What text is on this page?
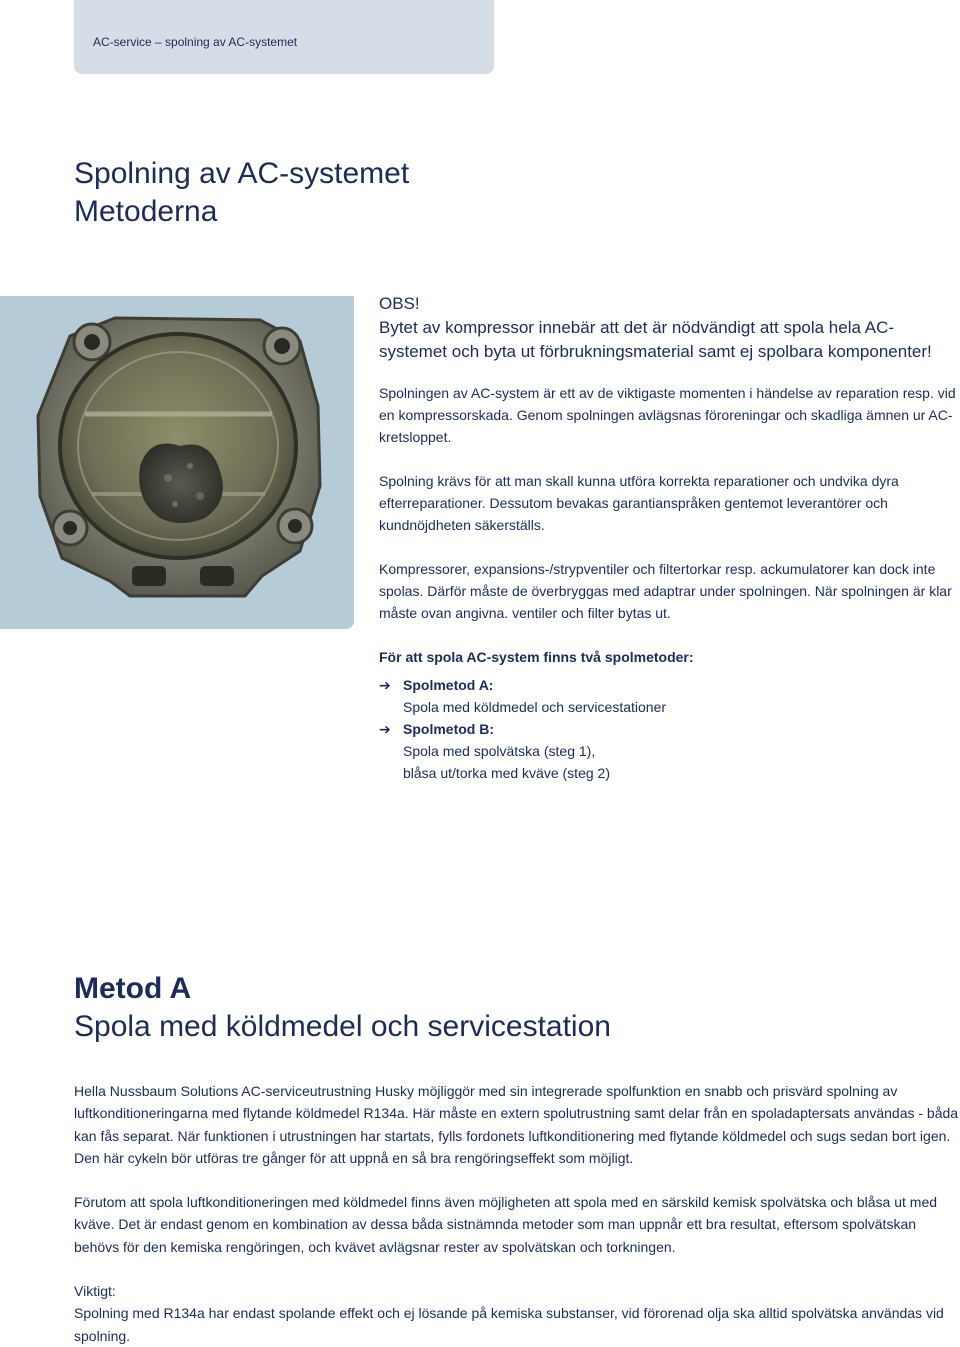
AC-service – spolning av AC-systemet
Spolning av AC-systemet
Metoderna
OBS!
Bytet av kompressor innebär att det är nödvändigt att spola hela AC-systemet och byta ut förbrukningsmaterial samt ej spolbara komponenter!

Spolningen av AC-system är ett av de viktigaste momenten i händelse av reparation resp. vid en kompressorskada. Genom spolningen avlägsnas föroreningar och skadliga ämnen ur AC-kretsloppet.

Spolning krävs för att man skall kunna utföra korrekta reparationer och undvika dyra efterreparationer. Dessutom bevakas garantianspråken gentemot leverantörer och kundnöjdheten säkerställs.

Kompressorer, expansions-/strypventiler och filtertorkar resp. ackumulatorer kan dock inte spolas. Därför måste de överbryggas med adaptrar under spolningen. När spolningen är klar måste ovan angivna. ventiler och filter bytas ut.

För att spola AC-system finns två spolmetoder:
➔ Spolmetod A:
Spola med köldmedel och servicestationer
➔ Spolmetod B:
Spola med spolvätska (steg 1),
blåsa ut/torka med kväve (steg 2)
Metod A
Spola med köldmedel och servicestation

Hella Nussbaum Solutions AC-serviceutrustning Husky möjliggör med sin integrerade spolfunktion en snabb och prisvärd spolning av luftkonditioneringarna med flytande köldmedel R134a. Här måste en extern spolutrustning samt delar från en spoladaptersats användas - båda kan fås separat. När funktionen i utrustningen har startats, fylls fordonets luftkonditionering med flytande köldmedel och sugs sedan bort igen. Den här cykeln bör utföras tre gånger för att uppnå en så bra rengöringseffekt som möjligt.

Förutom att spola luftkonditioneringen med köldmedel finns även möjligheten att spola med en särskild kemisk spolvätska och blåsa ut med kväve. Det är endast genom en kombination av dessa båda sistnämnda metoder som man uppnår ett bra resultat, eftersom spolvätskan behövs för den kemiska rengöringen, och kvävet avlägsnar rester av spolvätskan och torkningen.

Viktigt:
Spolning med R134a har endast spolande effekt och ej lösande på kemiska substanser, vid förorenad olja ska alltid spolvätska användas vid spolning.
